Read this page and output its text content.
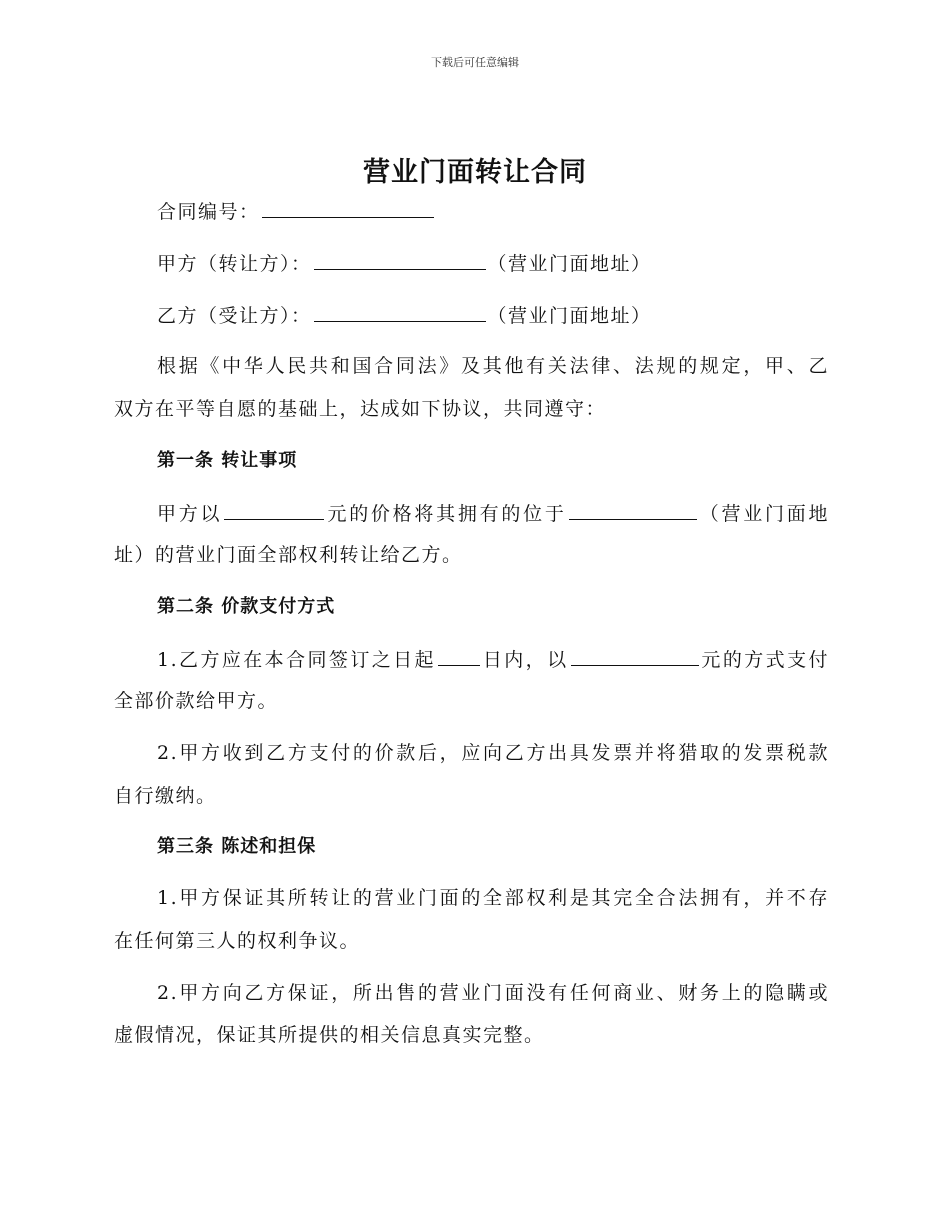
下载后可任意编辑
营业门面转让合同
合同编号：
甲方（转让方）：	（营业门面地址）
乙方（受让方）：	（营业门面地址）
根据《中华人民共和国合同法》及其他有关法律、法规的规定，甲、乙
双方在平等自愿的基础上，达成如下协议，共同遵守：
第一条 转让事项
甲方以	元的价格将其拥有的位于	（营业门面地
址）的营业门面全部权利转让给乙方。
第二条 价款支付方式
1.乙方应在本合同签订之日起 日内，以	元的方式支付
全部价款给甲方。
2.甲方收到乙方支付的价款后，应向乙方出具发票并将猎取的发票税款
自行缴纳。
第三条 陈述和担保
1.甲方保证其所转让的营业门面的全部权利是其完全合法拥有，并不存
在任何第三人的权利争议。
2.甲方向乙方保证，所出售的营业门面没有任何商业、财务上的隐瞒或
虚假情况，保证其所提供的相关信息真实完整。
